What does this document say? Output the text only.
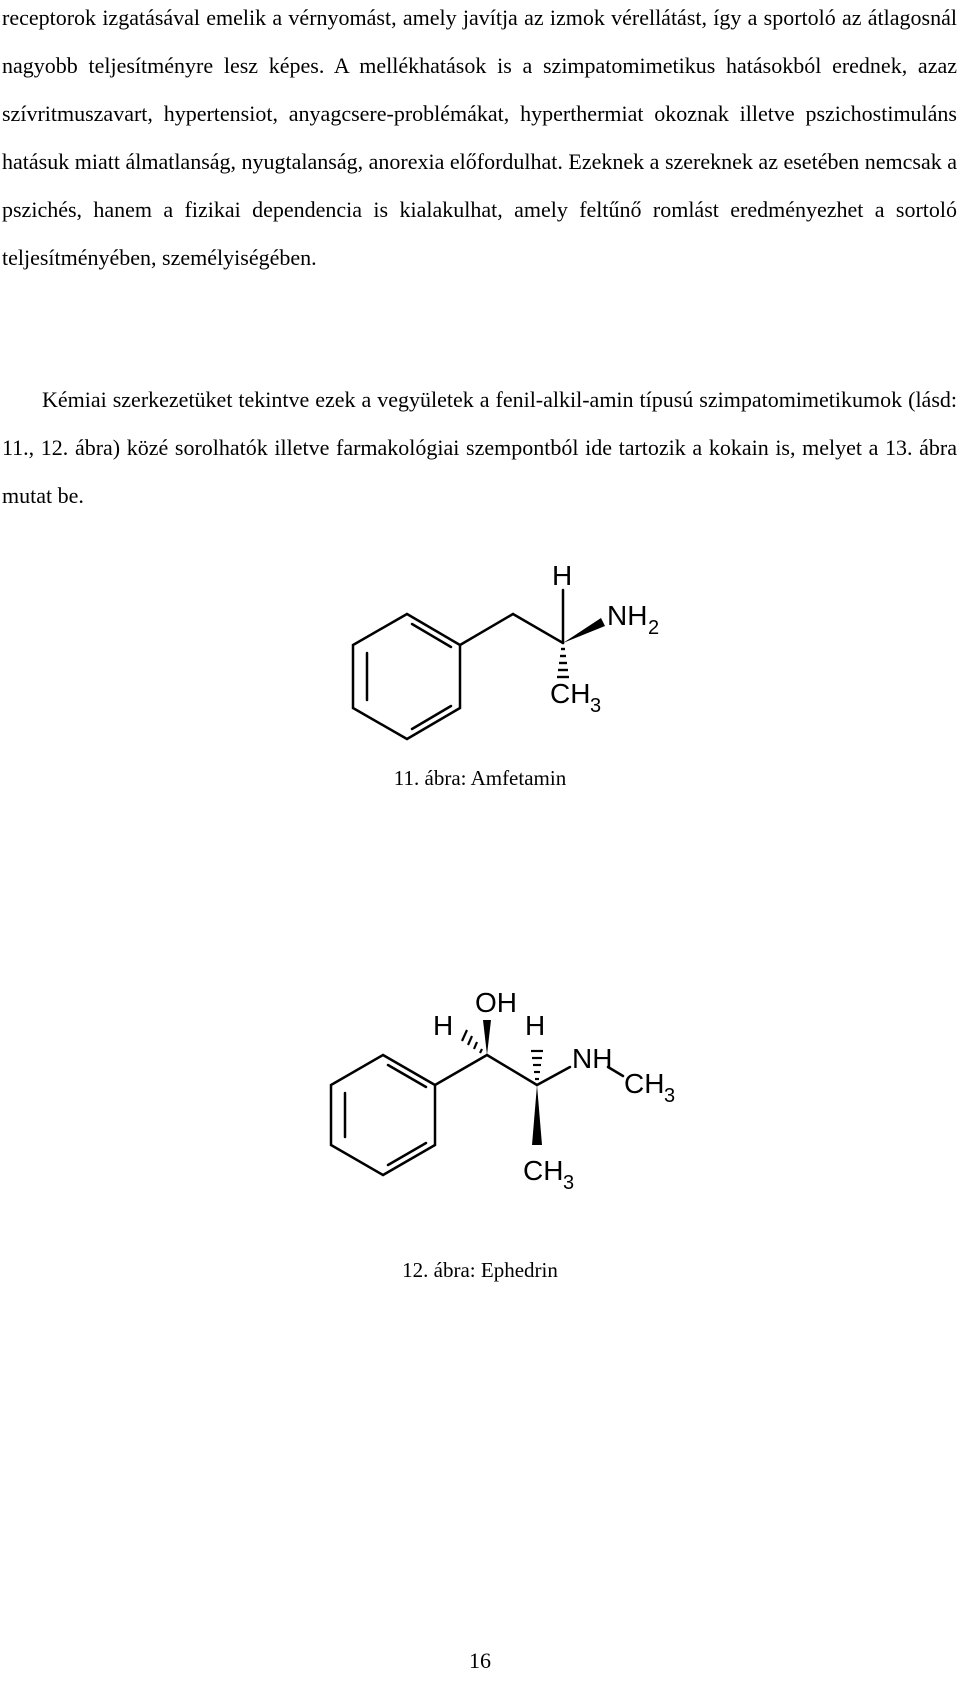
receptorok izgatásával emelik a vérnyomást, amely javítja az izmok vérellátást, így a sportoló az átlagosnál nagyobb teljesítményre lesz képes. A mellékhatások is a szimpatomimetikus hatásokból erednek, azaz szívritmuszavart, hypertensiot, anyagcsere-problémákat, hyperthermiat okoznak illetve pszichostimuláns hatásuk miatt álmatlanság, nyugtalanság, anorexia előfordulhat. Ezeknek a szereknek az esetében nemcsak a pszichés, hanem a fizikai dependencia is kialakulhat, amely feltűnő romlást eredményezhet a sortoló teljesítményében, személyiségében.

Kémiai szerkezetüket tekintve ezek a vegyületek a fenil-alkil-amin típusú szimpatomimetikumok (lásd: 11., 12. ábra) közé sorolhatók illetve farmakológiai szempontból ide tartozik a kokain is, melyet a 13. ábra mutat be.

H
NH 2
CH 3
11. ábra: Amfetamin
OH
H	H
NH
CH 3
CH 3
12. ábra: Ephedrin
16
